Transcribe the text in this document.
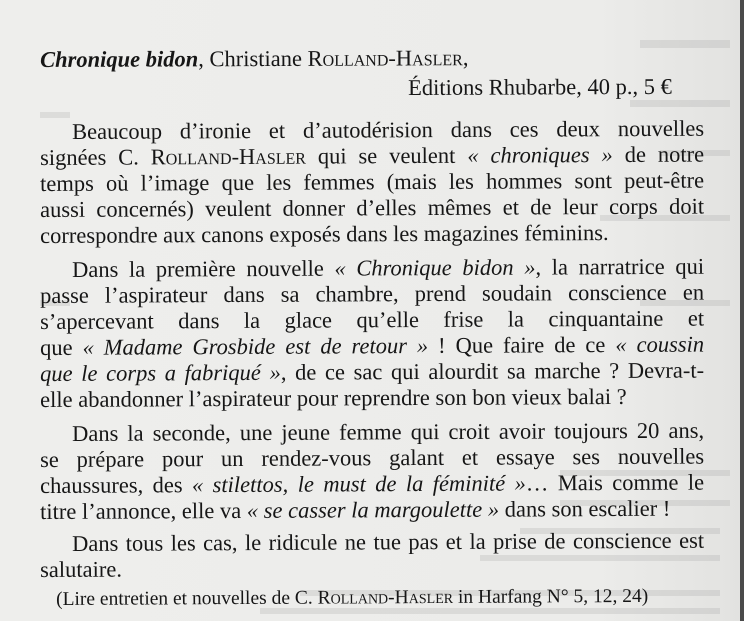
Chronique bidon, Christiane Rolland-Hasler,
Éditions Rhubarbe, 40 p., 5 €
Beaucoup d’ironie et d’autodérision dans ces deux nouvelles
signées C. Rolland-Hasler qui se veulent « chroniques » de notre
temps où l’image que les femmes (mais les hommes sont peut-être
aussi concernés) veulent donner d’elles mêmes et de leur corps doit
correspondre aux canons exposés dans les magazines féminins.
Dans la première nouvelle « Chronique bidon », la narratrice qui
passe l’aspirateur dans sa chambre, prend soudain conscience en
s’apercevant dans la glace qu’elle frise la cinquantaine et
que « Madame Grosbide est de retour » ! Que faire de ce « coussin
que le corps a fabriqué », de ce sac qui alourdit sa marche ? Devra-t-
elle abandonner l’aspirateur pour reprendre son bon vieux balai ?
Dans la seconde, une jeune femme qui croit avoir toujours 20 ans,
se prépare pour un rendez-vous galant et essaye ses nouvelles
chaussures, des « stilettos, le must de la féminité »… Mais comme le
titre l’annonce, elle va « se casser la margoulette » dans son escalier !
Dans tous les cas, le ridicule ne tue pas et la prise de conscience est
salutaire.
(Lire entretien et nouvelles de C. Rolland-Hasler in Harfang N° 5, 12, 24)
